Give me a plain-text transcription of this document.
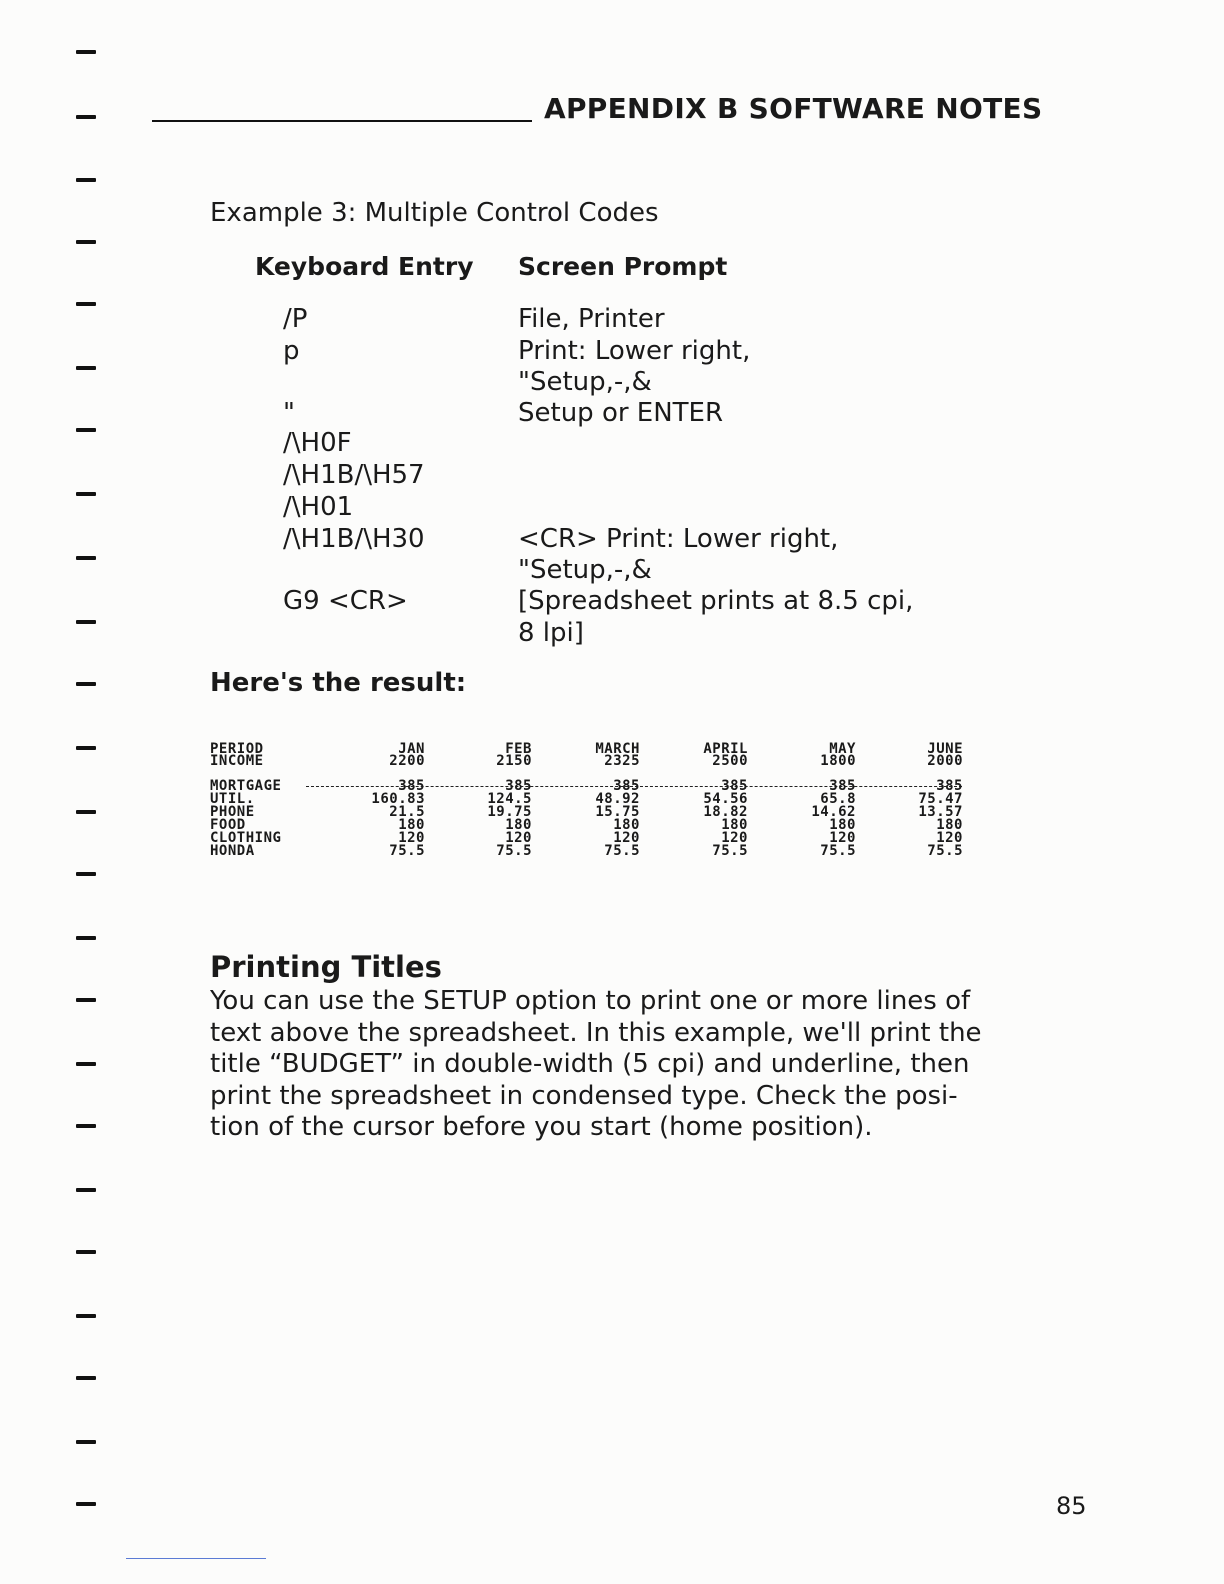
APPENDIX B SOFTWARE NOTES
Example 3: Multiple Control Codes
Keyboard Entry Screen Prompt
/P
p
"
/\H0F
/\H1B/\H57
/\H01
/\H1B/\H30
G9 <CR>
File, Printer
Print: Lower right,
"Setup,-,&
Setup or ENTER
<CR> Print: Lower right,
"Setup,-,&
[Spreadsheet prints at 8.5 cpi,
8 lpi]
Here's the result:
PERIOD
INCOME
MORTGAGE
UTIL.
PHONE
FOOD
CLOTHING
HONDA
JAN
2200
385
160.83
21.5
180
120
75.5
FEB
2150
385
124.5
19.75
180
120
75.5
MARCH
2325
385
48.92
15.75
180
120
75.5
APRIL
2500
385
54.56
18.82
180
120
75.5
MAY
1800
385
65.8
14.62
180
120
75.5
JUNE
2000
385
75.47
13.57
180
120
75.5
Printing Titles
You can use the SETUP option to print one or more lines of
text above the spreadsheet. In this example, we'll print the
title “BUDGET” in double-width (5 cpi) and underline, then
print the spreadsheet in condensed type. Check the posi-
tion of the cursor before you start (home position).
85
